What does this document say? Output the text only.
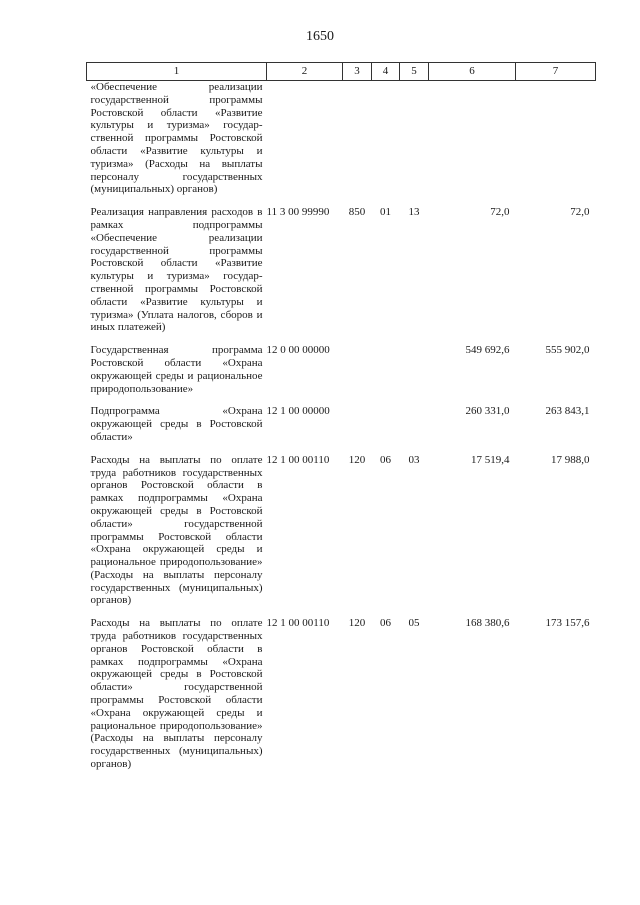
1650
1	2	3	4	5	6	7
«Обеспечение реализации государственной программы Ростовской области «Развитие культуры и туризма» государственной программы Ростовской области «Развитие культуры и туризма» (Расходы на выплаты персоналу государственных (муниципальных) органов)						
Реализация направления расходов в рамках подпрограммы «Обеспечение реализации государственной программы Ростовской области «Развитие культуры и туризма» государственной программы Ростовской области «Развитие культуры и туризма» (Уплата налогов, сборов и иных платежей)	11 3 00 99990	850	01	13	72,0	72,0
Государственная программа Ростовской области «Охрана окружающей среды и рациональное природопользование»	12 0 00 00000				549 692,6	555 902,0
Подпрограмма «Охрана окружающей среды в Ростовской области»	12 1 00 00000				260 331,0	263 843,1
Расходы на выплаты по оплате труда работников государственных органов Ростовской области в рамках подпрограммы «Охрана окружающей среды в Ростовской области» государственной программы Ростовской области «Охрана окружающей среды и рациональное природопользование» (Расходы на выплаты персоналу государственных (муниципальных) органов)	12 1 00 00110	120	06	03	17 519,4	17 988,0
Расходы на выплаты по оплате труда работников государственных органов Ростовской области в рамках подпрограммы «Охрана окружающей среды в Ростовской области» государственной программы Ростовской области «Охрана окружающей среды и рациональное природопользование» (Расходы на выплаты персоналу государственных (муниципальных) органов)	12 1 00 00110	120	06	05	168 380,6	173 157,6
